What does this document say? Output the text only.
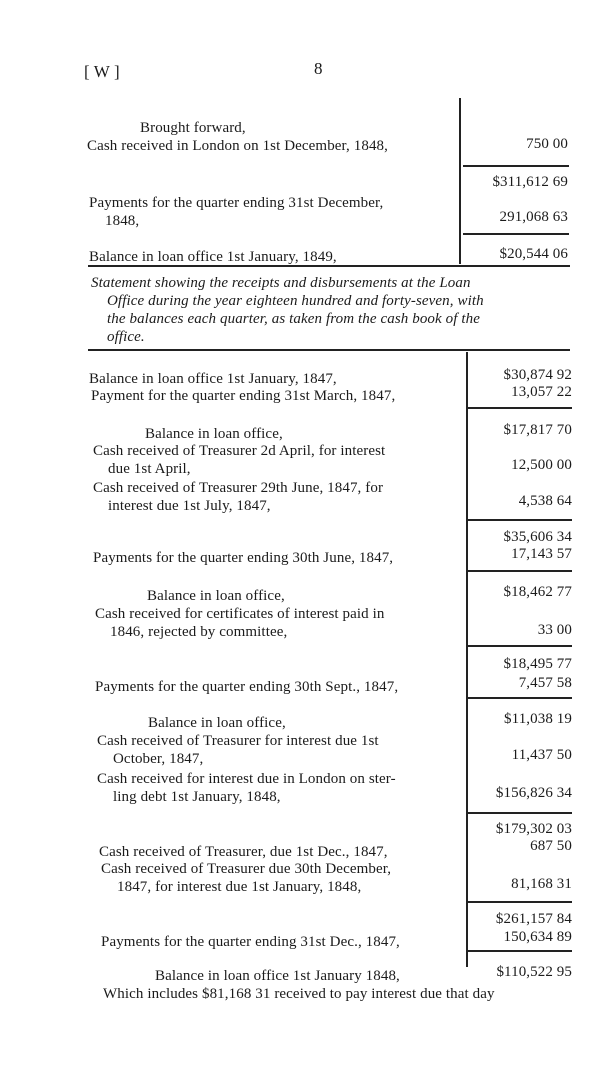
[ W ]	8
Brought forward,
Cash received in London on 1st December, 1848,	750 00
$311,612 69
Payments for the quarter ending 31st December,
1848,	291,068 63
Balance in loan office 1st January, 1849,	$20,544 06
Statement showing the receipts and disbursements at the Loan
Office during the year eighteen hundred and forty-seven, with
the balances each quarter, as taken from the cash book of the
office.
Balance in loan office 1st January, 1847,	$30,874 92
Payment for the quarter ending 31st March, 1847,	13,057 22
Balance in loan office,	$17,817 70
Cash received of Treasurer 2d April, for interest
due 1st April,	12,500 00
Cash received of Treasurer 29th June, 1847, for
interest due 1st July, 1847,	4,538 64
$35,606 34
Payments for the quarter ending 30th June, 1847,	17,143 57
Balance in loan office,	$18,462 77
Cash received for certificates of interest paid in
1846, rejected by committee,	33 00
$18,495 77
Payments for the quarter ending 30th Sept., 1847,	7,457 58
Balance in loan office,	$11,038 19
Cash received of Treasurer for interest due 1st
October, 1847,	11,437 50
Cash received for interest due in London on ster-
ling debt 1st January, 1848,	$156,826 34
$179,302 03
Cash received of Treasurer, due 1st Dec., 1847,	687 50
Cash received of Treasurer due 30th December,
1847, for interest due 1st January, 1848,	81,168 31
$261,157 84
Payments for the quarter ending 31st Dec., 1847,	150,634 89
Balance in loan office 1st January 1848,	$110,522 95
Which includes $81,168 31 received to pay interest due that day
